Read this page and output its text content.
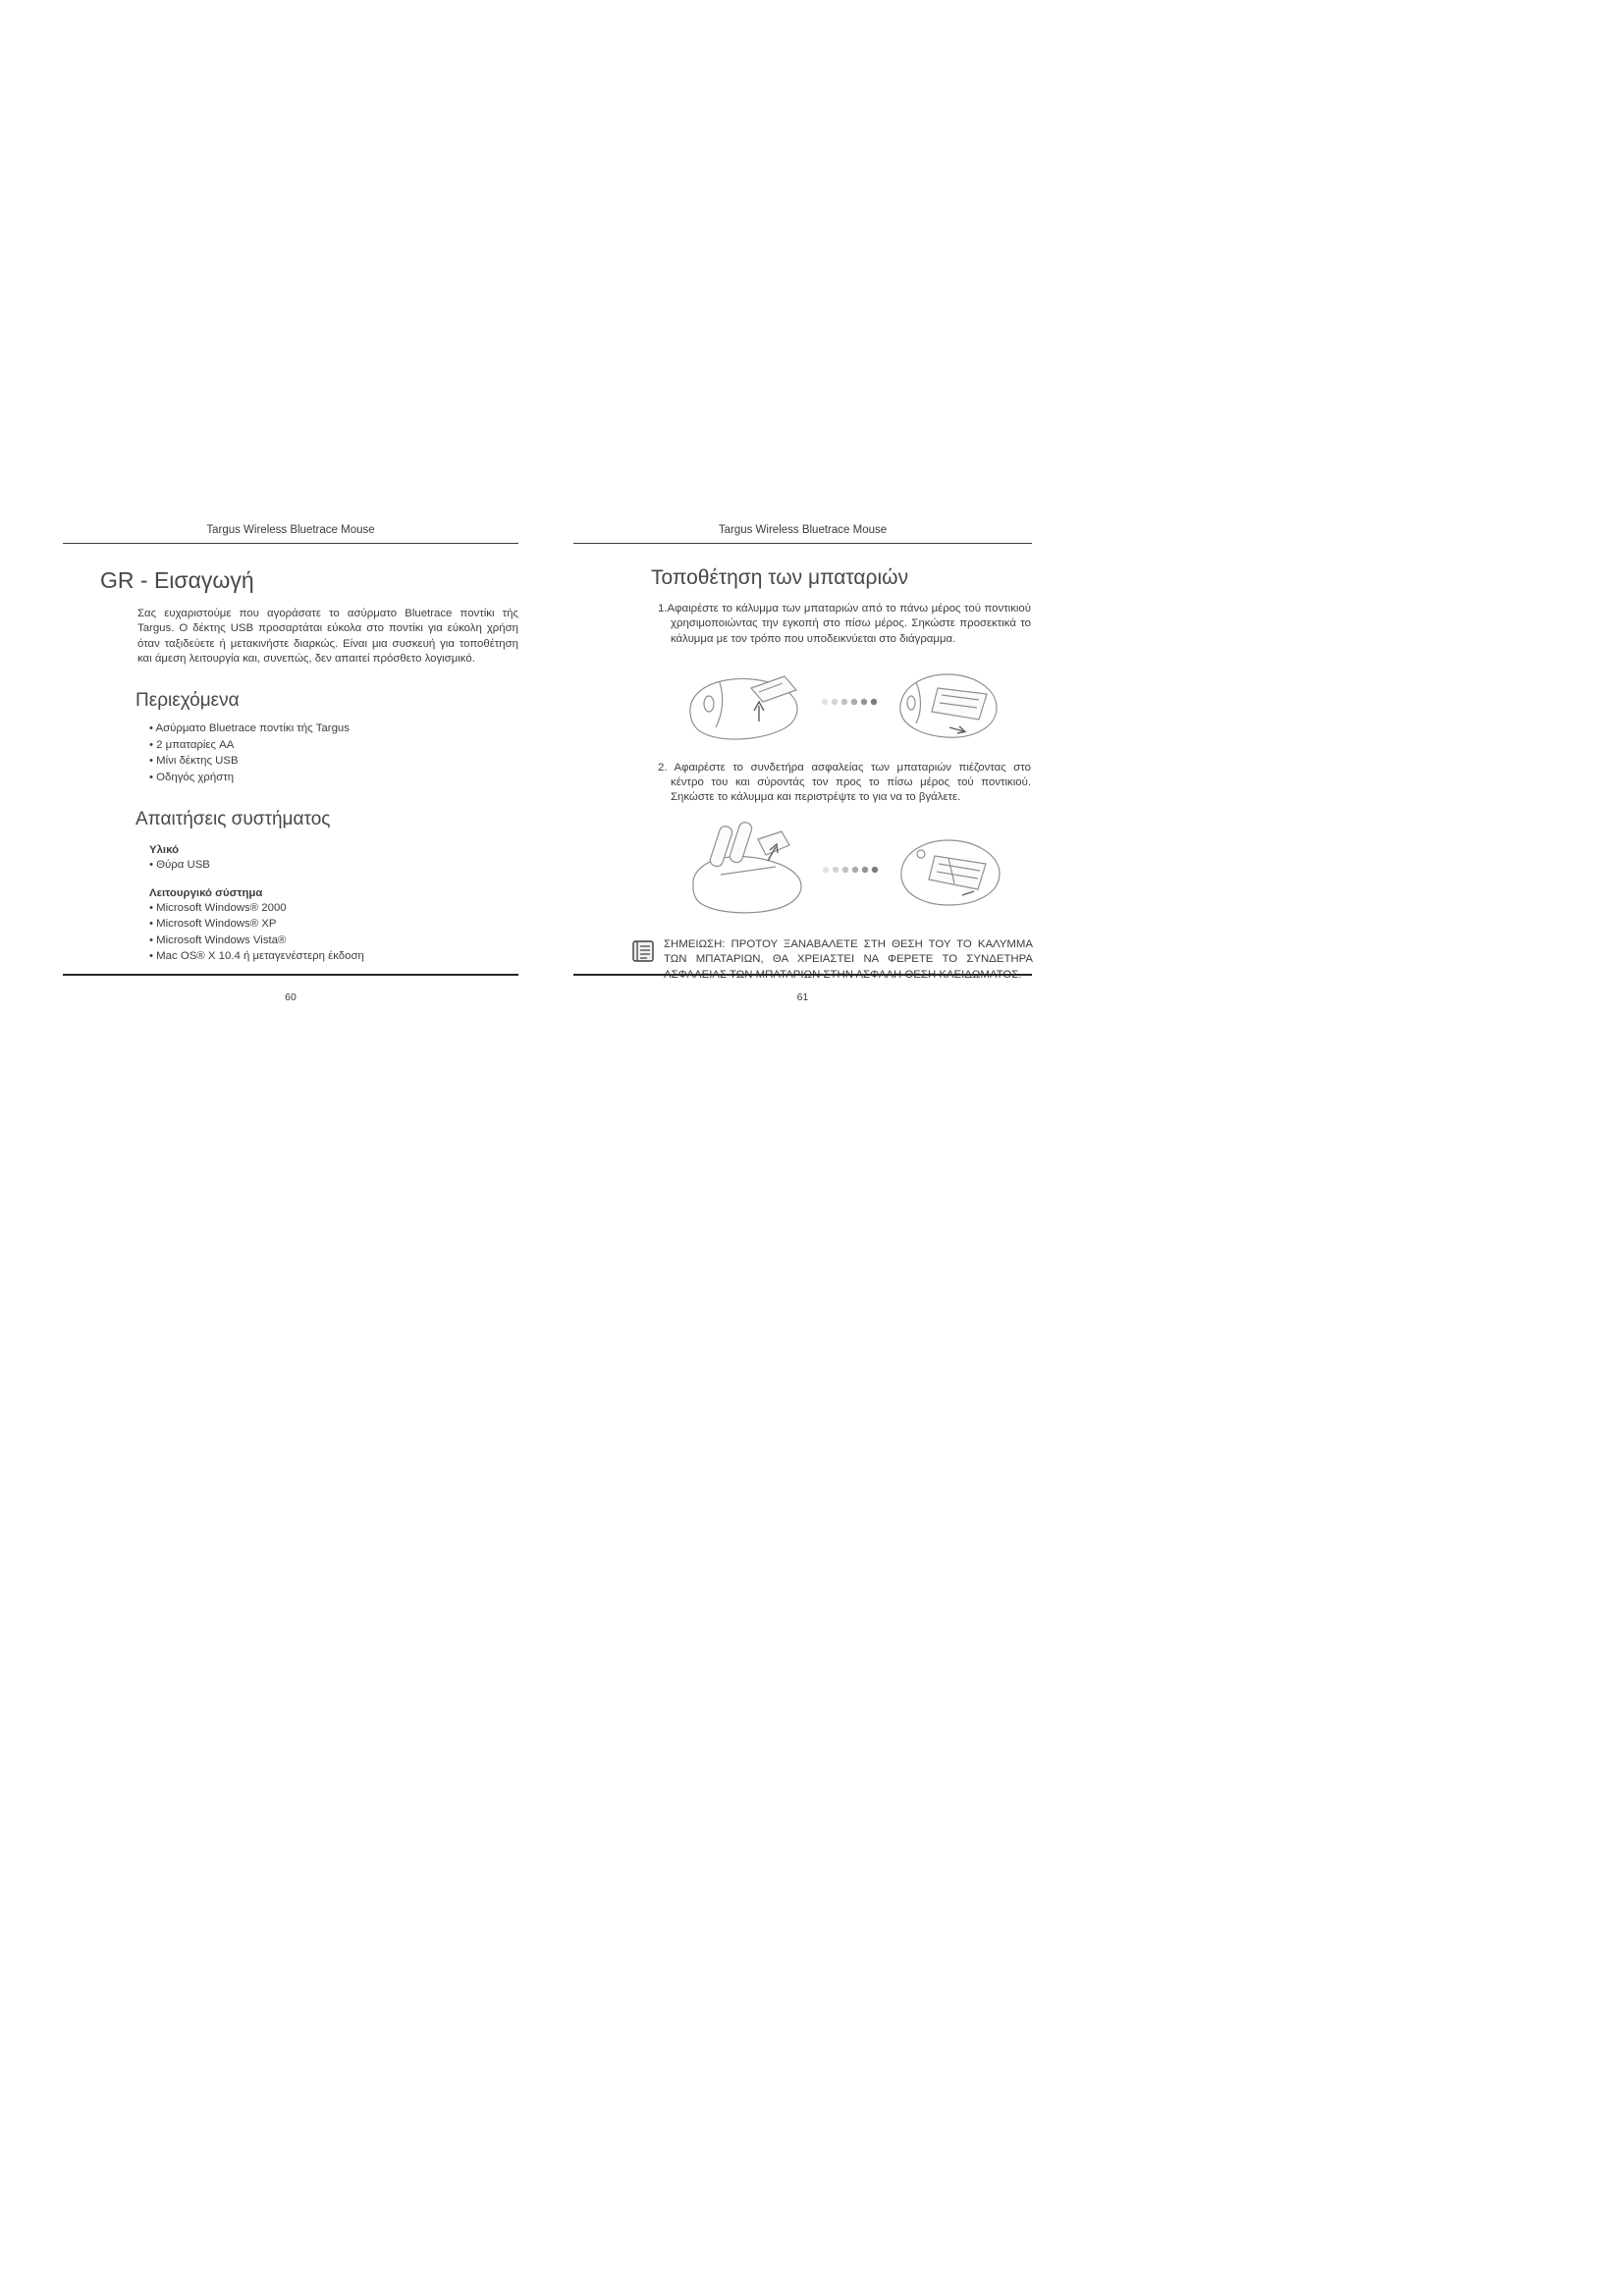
Targus Wireless Bluetrace Mouse
GR - Εισαγωγή

Σας ευχαριστούμε που αγοράσατε το ασύρματο Bluetrace ποντίκι τής Targus. Ο δέκτης USB προσαρτάται εύκολα στο ποντίκι για εύκολη χρήση όταν ταξιδεύετε ή μετακινήστε διαρκώς. Είναι μια συσκευή για τοποθέτηση και άμεση λειτουργία και, συνεπώς, δεν απαιτεί πρόσθετο λογισμικό.

Περιεχόμενα
• Ασύρματο Bluetrace ποντίκι τής Targus
• 2 μπαταρίες AA
• Μίνι δέκτης USB
• Οδηγός χρήστη
Απαιτήσεις συστήματος
Υλικό
• Θύρα USB
Λειτουργικό σύστημα
• Microsoft Windows® 2000
• Microsoft Windows® XP
• Microsoft Windows Vista®
• Mac OS® X 10.4 ή μεταγενέστερη έκδοση
60
Targus Wireless Bluetrace Mouse
Τοποθέτηση των μπαταριών

1.Αφαιρέστε το κάλυμμα των μπαταριών από το πάνω μέρος τού ποντικιού χρησιμοποιώντας την εγκοπή στο πίσω μέρος. Σηκώστε προσεκτικά το κάλυμμα με τον τρόπο που υποδεικνύεται στο διάγραμμα.

2. Αφαιρέστε το συνδετήρα ασφαλείας των μπαταριών πιέζοντας στο κέντρο του και σύροντάς τον προς το πίσω μέρος τού ποντικιού. Σηκώστε το κάλυμμα και περιστρέψτε το για να το βγάλετε.

ΣΗΜΕΙΩΣΗ: ΠΡΟΤΟΥ ΞΑΝΑΒΑΛΕΤΕ ΣΤΗ ΘΕΣΗ ΤΟΥ ΤΟ ΚΑΛΥΜΜΑ ΤΩΝ ΜΠΑΤΑΡΙΩΝ, ΘΑ ΧΡΕΙΑΣΤΕΙ ΝΑ ΦΕΡΕΤΕ ΤΟ ΣΥΝΔΕΤΗΡΑ ΑΣΦΑΛΕΙΑΣ ΤΩΝ ΜΠΑΤΑΡΙΩΝ ΣΤΗΝ ΑΣΦΑΛΗ ΘΕΣΗ ΚΛΕΙΔΩΜΑΤΟΣ.
61
